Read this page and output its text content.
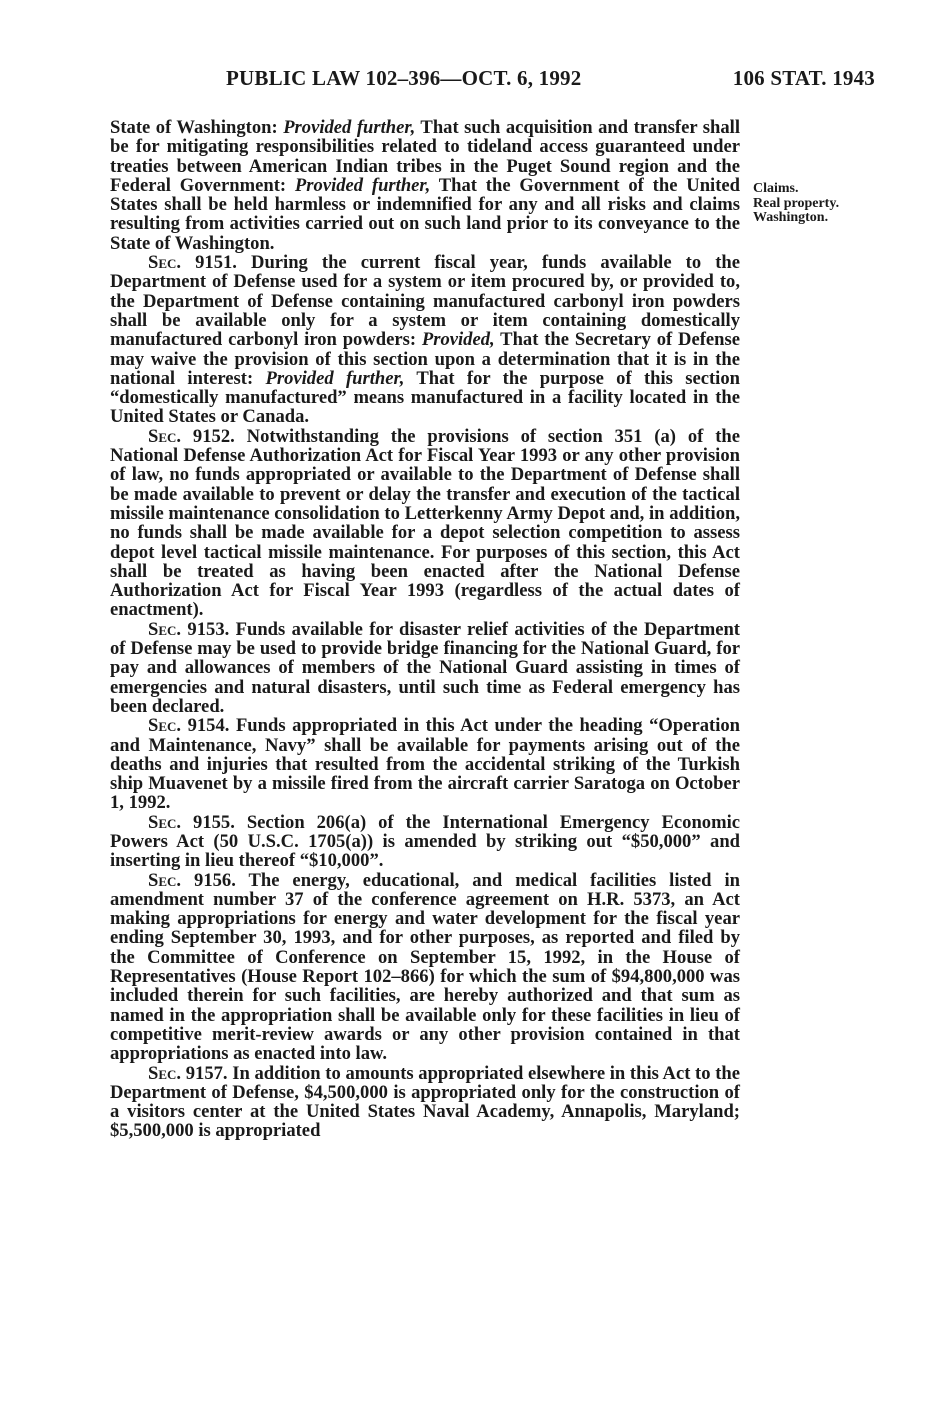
PUBLIC LAW 102–396—OCT. 6, 1992	106 STAT. 1943
Claims.
Real property.
Washington.

State of Washington: Provided further, That such acquisition and transfer shall be for mitigating responsibilities related to tideland access guaranteed under treaties between American Indian tribes in the Puget Sound region and the Federal Government: Provided further, That the Government of the United States shall be held harmless or indemnified for any and all risks and claims resulting from activities carried out on such land prior to its conveyance to the State of Washington.

Sec. 9151. During the current fiscal year, funds available to the Department of Defense used for a system or item procured by, or provided to, the Department of Defense containing manufactured carbonyl iron powders shall be available only for a system or item containing domestically manufactured carbonyl iron powders: Provided, That the Secretary of Defense may waive the provision of this section upon a determination that it is in the national interest: Provided further, That for the purpose of this section “domestically manufactured” means manufactured in a facility located in the United States or Canada.

Sec. 9152. Notwithstanding the provisions of section 351 (a) of the National Defense Authorization Act for Fiscal Year 1993 or any other provision of law, no funds appropriated or available to the Department of Defense shall be made available to prevent or delay the transfer and execution of the tactical missile maintenance consolidation to Letterkenny Army Depot and, in addition, no funds shall be made available for a depot selection competition to assess depot level tactical missile maintenance. For purposes of this section, this Act shall be treated as having been enacted after the National Defense Authorization Act for Fiscal Year 1993 (regardless of the actual dates of enactment).

Sec. 9153. Funds available for disaster relief activities of the Department of Defense may be used to provide bridge financing for the National Guard, for pay and allowances of members of the National Guard assisting in times of emergencies and natural disasters, until such time as Federal emergency has been declared.

Sec. 9154. Funds appropriated in this Act under the heading “Operation and Maintenance, Navy” shall be available for payments arising out of the deaths and injuries that resulted from the accidental striking of the Turkish ship Muavenet by a missile fired from the aircraft carrier Saratoga on October 1, 1992.

Sec. 9155. Section 206(a) of the International Emergency Economic Powers Act (50 U.S.C. 1705(a)) is amended by striking out “$50,000” and inserting in lieu thereof “$10,000”.

Sec. 9156. The energy, educational, and medical facilities listed in amendment number 37 of the conference agreement on H.R. 5373, an Act making appropriations for energy and water development for the fiscal year ending September 30, 1993, and for other purposes, as reported and filed by the Committee of Conference on September 15, 1992, in the House of Representatives (House Report 102–866) for which the sum of $94,800,000 was included therein for such facilities, are hereby authorized and that sum as named in the appropriation shall be available only for these facilities in lieu of competitive merit-review awards or any other provision contained in that appropriations as enacted into law.

Sec. 9157. In addition to amounts appropriated elsewhere in this Act to the Department of Defense, $4,500,000 is appropriated only for the construction of a visitors center at the United States Naval Academy, Annapolis, Maryland; $5,500,000 is appropriated
